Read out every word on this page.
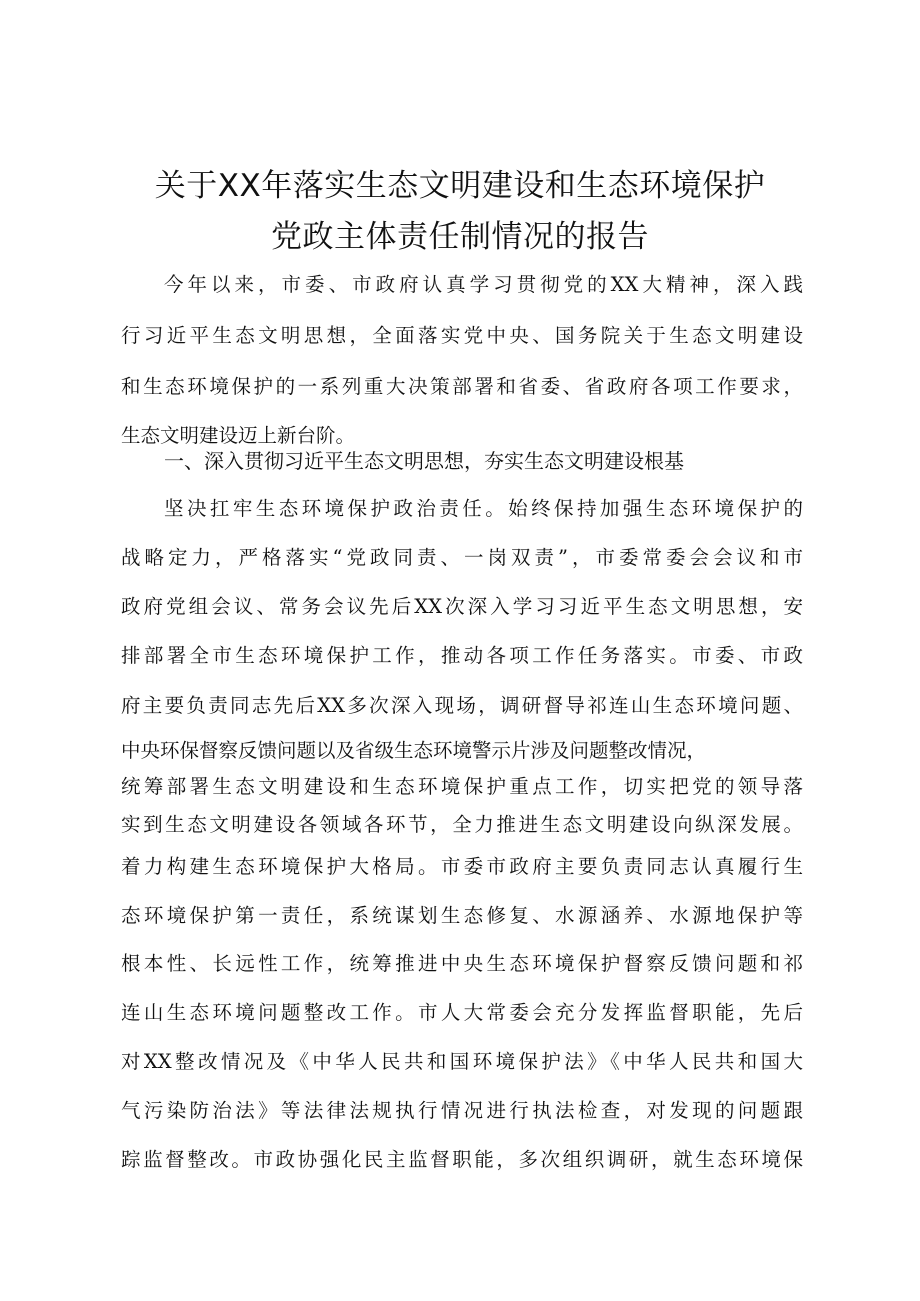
关于XX年落实生态文明建设和生态环境保护
党政主体责任制情况的报告
今年以来，市委、市政府认真学习贯彻党的XX大精神，深入践
行习近平生态文明思想，全面落实党中央、国务院关于生态文明建设
和生态环境保护的一系列重大决策部署和省委、省政府各项工作要求，
生态文明建设迈上新台阶。
一、深入贯彻习近平生态文明思想，夯实生态文明建设根基
坚决扛牢生态环境保护政治责任。始终保持加强生态环境保护的
战略定力，严格落实“党政同责、一岗双责”，市委常委会会议和市
政府党组会议、常务会议先后XX次深入学习习近平生态文明思想，安
排部署全市生态环境保护工作，推动各项工作任务落实。市委、市政
府主要负责同志先后XX多次深入现场，调研督导祁连山生态环境问题、
中央环保督察反馈问题以及省级生态环境警示片涉及问题整改情况，
统筹部署生态文明建设和生态环境保护重点工作，切实把党的领导落
实到生态文明建设各领域各环节，全力推进生态文明建设向纵深发展。
着力构建生态环境保护大格局。市委市政府主要负责同志认真履行生
态环境保护第一责任，系统谋划生态修复、水源涵养、水源地保护等
根本性、长远性工作，统筹推进中央生态环境保护督察反馈问题和祁
连山生态环境问题整改工作。市人大常委会充分发挥监督职能，先后
对XX整改情况及《中华人民共和国环境保护法》《中华人民共和国大
气污染防治法》等法律法规执行情况进行执法检查，对发现的问题跟
踪监督整改。市政协强化民主监督职能，多次组织调研，就生态环境保
